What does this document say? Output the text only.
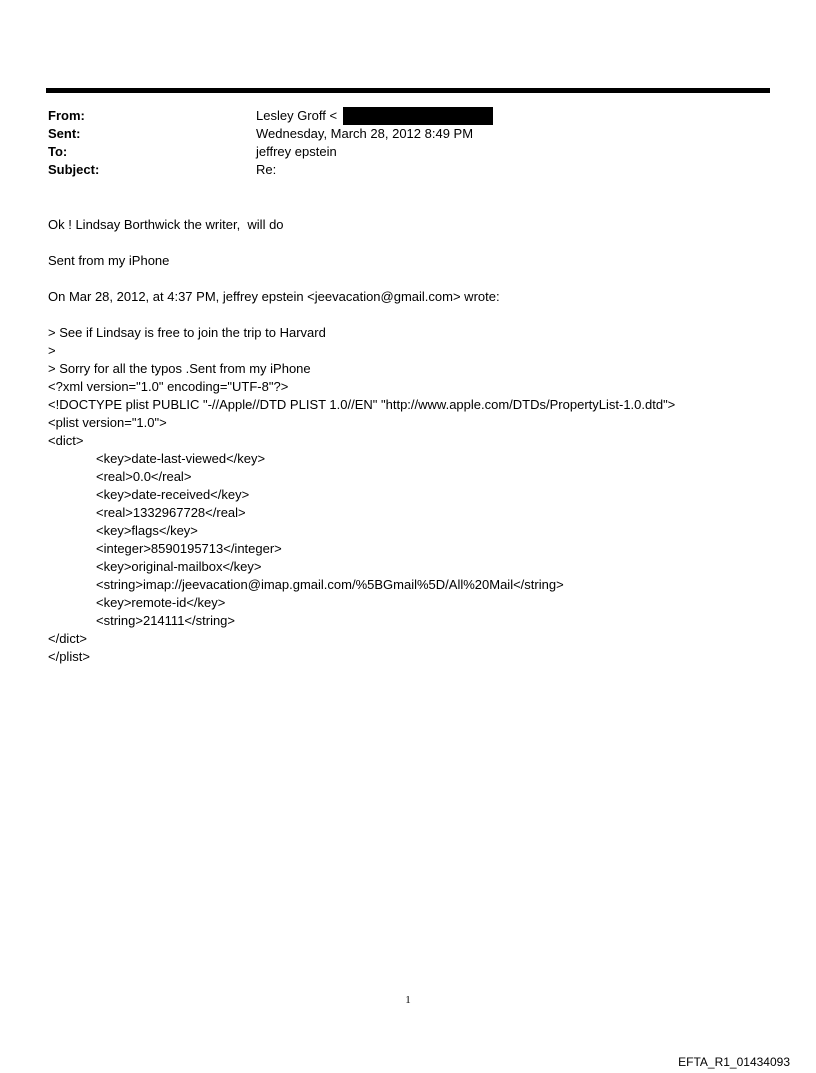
From:	Lesley Groff <
Sent:	Wednesday, March 28, 2012 8:49 PM
To:	jeffrey epstein
Subject:	Re:
Ok ! Lindsay Borthwick the writer,  will do
Sent from my iPhone
On Mar 28, 2012, at 4:37 PM, jeffrey epstein <jeevacation@gmail.com> wrote:
> See if Lindsay is free to join the trip to Harvard
>
> Sorry for all the typos .Sent from my iPhone
<?xml version="1.0" encoding="UTF-8"?>
<!DOCTYPE plist PUBLIC "-//Apple//DTD PLIST 1.0//EN" "http://www.apple.com/DTDs/PropertyList-1.0.dtd">
<plist version="1.0">
<dict>
<key>date-last-viewed</key>
<real>0.0</real>
<key>date-received</key>
<real>1332967728</real>
<key>flags</key>
<integer>8590195713</integer>
<key>original-mailbox</key>
<string>imap://jeevacation@imap.gmail.com/%5BGmail%5D/All%20Mail</string>
<key>remote-id</key>
<string>214111</string>
</dict>
</plist>
1
EFTA_R1_01434093
